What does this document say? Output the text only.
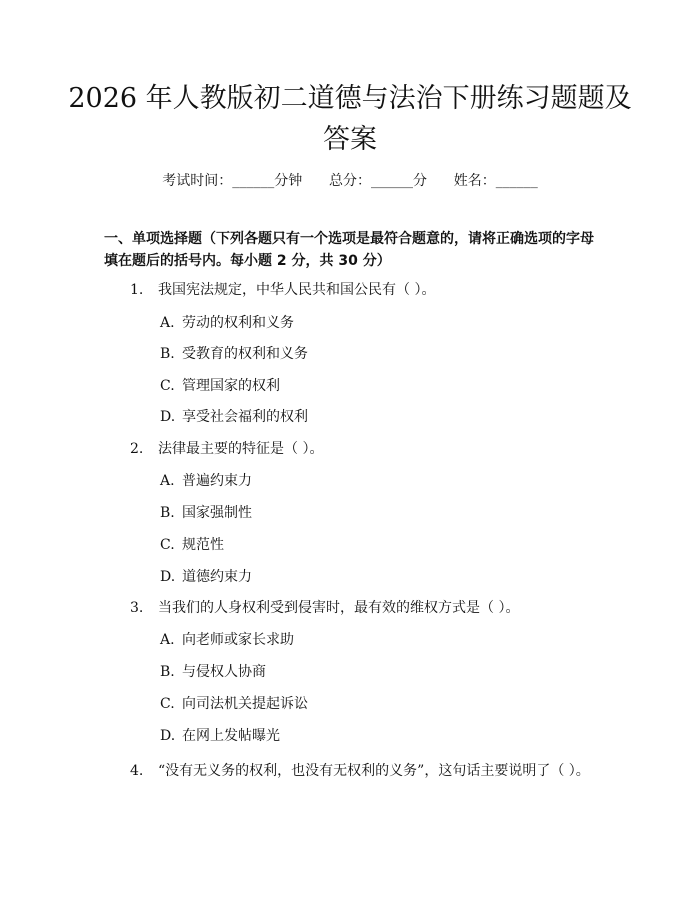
2026 年人教版初二道德与法治下册练习题题及答案
考试时间：______分钟      总分：______分      姓名：______
一、单项选择题（下列各题只有一个选项是最符合题意的，请将正确选项的字母填在题后的括号内。每小题 2 分，共 30 分）
1. 我国宪法规定，中华人民共和国公民有（ ）。
A. 劳动的权利和义务
B. 受教育的权利和义务
C. 管理国家的权利
D. 享受社会福利的权利
2. 法律最主要的特征是（ ）。
A. 普遍约束力
B. 国家强制性
C. 规范性
D. 道德约束力
3. 当我们的人身权利受到侵害时，最有效的维权方式是（ ）。
A. 向老师或家长求助
B. 与侵权人协商
C. 向司法机关提起诉讼
D. 在网上发帖曝光
4. “没有无义务的权利，也没有无权利的义务”，这句话主要说明了（ ）。
